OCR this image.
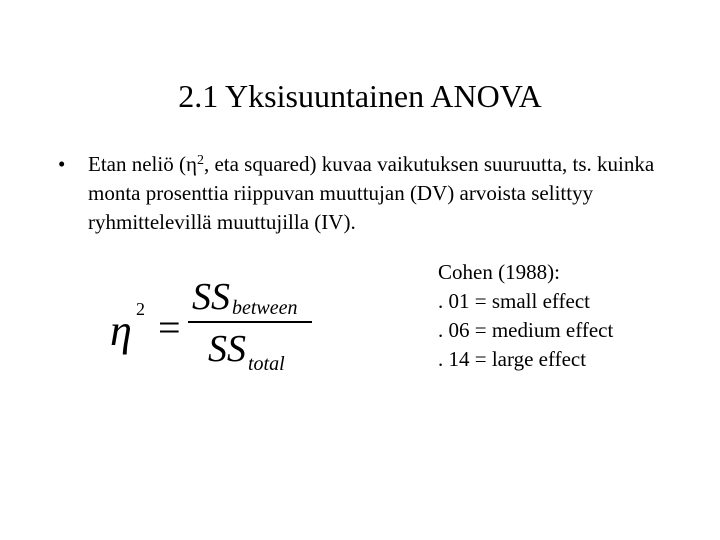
2.1 Yksisuuntainen ANOVA
• Etan neliö ($\eta^2$, eta squared) kuvaa vaikutuksen suuruutta, ts. kuinka monta prosenttia riippuvan muuttujan (DV) arvoista selittyy ryhmittelevillä muuttujilla (IV).
η 2 =
SS between
SS total
Cohen (1988):
. 01 = small effect
. 06 = medium effect
. 14 = large effect
